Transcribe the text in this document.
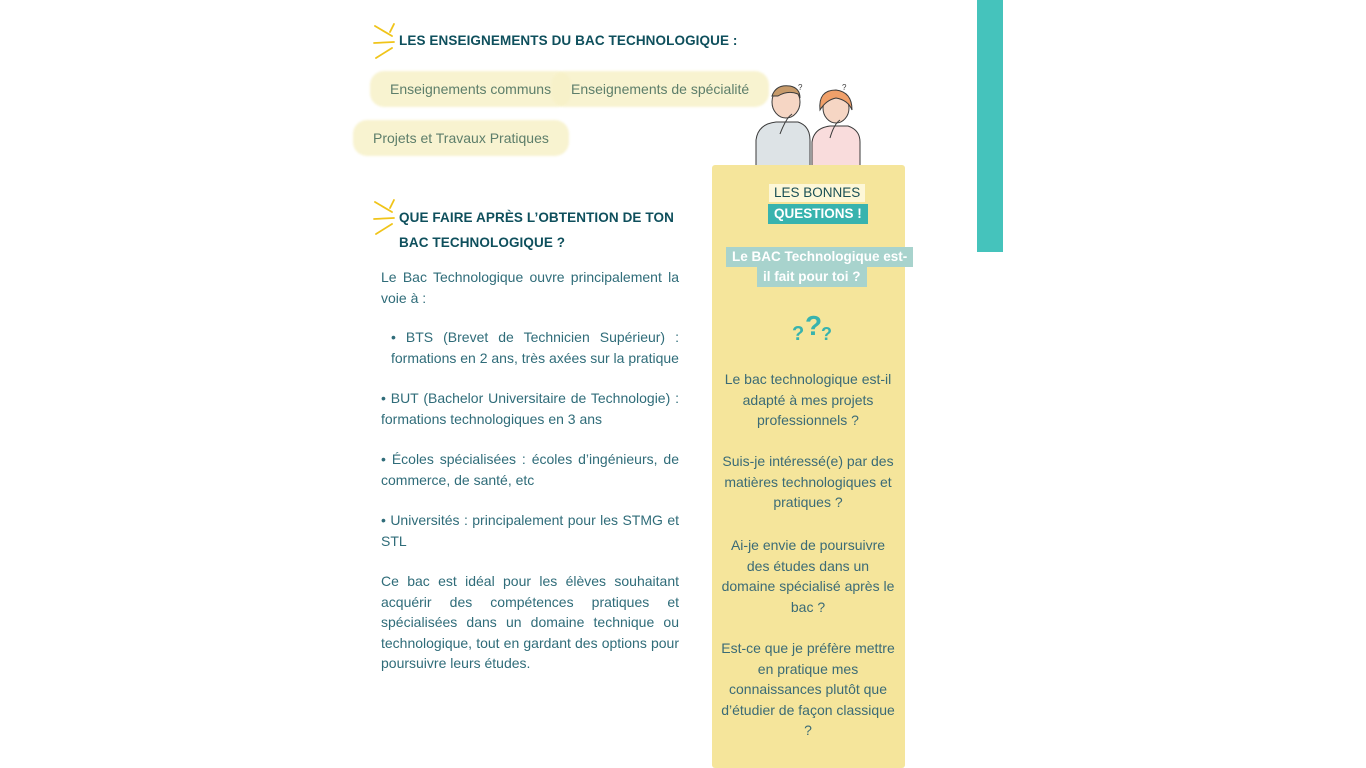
LES ENSEIGNEMENTS DU BAC TECHNOLOGIQUE :
Enseignements communs	Enseignements de spécialité
Projets et Travaux Pratiques
?	?
QUE FAIRE APRÈS L’OBTENTION DE TON
BAC TECHNOLOGIQUE ?

Le Bac Technologique ouvre principalement la voie à :

• BTS (Brevet de Technicien Supérieur) : formations en 2 ans, très axées sur la pratique

• BUT (Bachelor Universitaire de Technologie) : formations technologiques en 3 ans

• Écoles spécialisées : écoles d’ingénieurs, de commerce, de santé, etc

• Universités : principalement pour les STMG et STL

Ce bac est idéal pour les élèves souhaitant acquérir des compétences pratiques et spécialisées dans un domaine technique ou technologique, tout en gardant des options pour poursuivre leurs études.

LES BONNES
QUESTIONS !
Le BAC Technologique est-
il fait pour toi ?
? ?
?
Le bac technologique est-il adapté à mes projets professionnels ?
Suis-je intéressé(e) par des matières technologiques et pratiques ?
Ai-je envie de poursuivre des études dans un domaine spécialisé après le bac ?
Est-ce que je préfère mettre en pratique mes connaissances plutôt que d’étudier de façon classique ?
